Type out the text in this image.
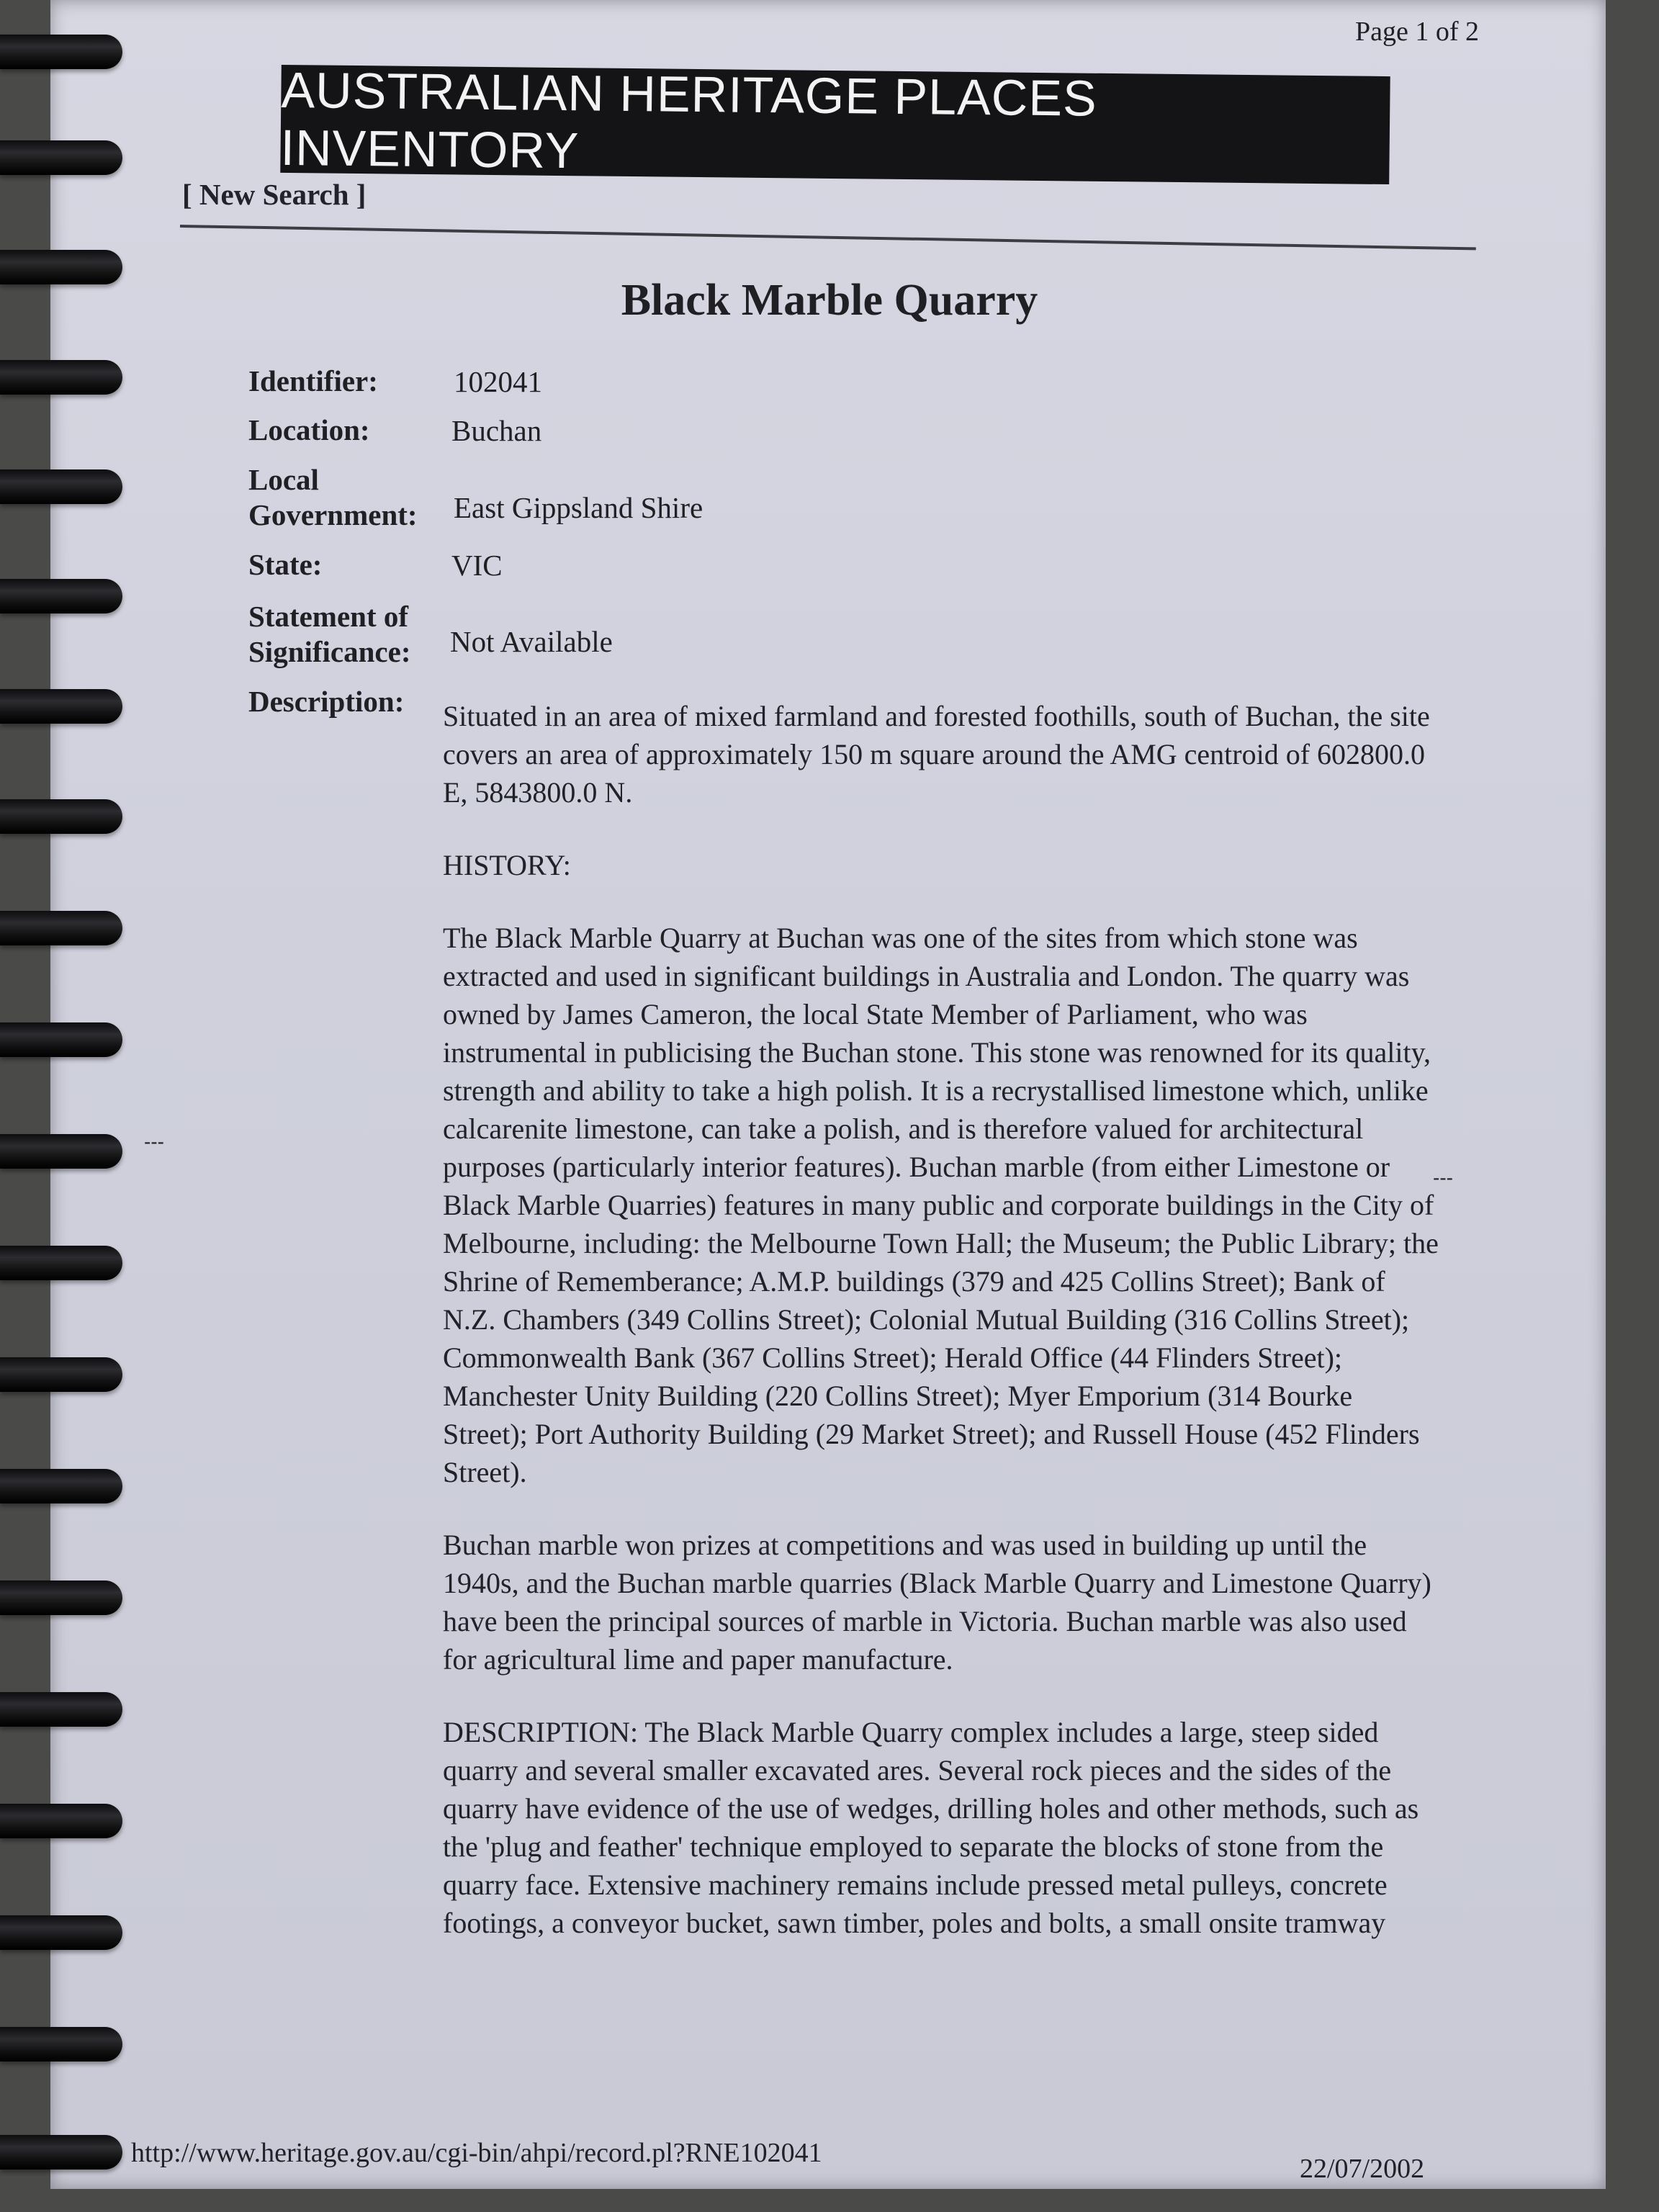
Page 1 of 2
AUSTRALIAN HERITAGE PLACES INVENTORY
[ New Search ]
Black Marble Quarry
Identifier:	102041
Location:	Buchan
Local
Government:	East Gippsland Shire
State:	VIC
Statement of
Significance:	Not Available
Description:	Situated in an area of mixed farmland and forested foothills, south of Buchan, the site covers an area of approximately 150 m square around the AMG centroid of 602800.0 E, 5843800.0 N.

HISTORY:

The Black Marble Quarry at Buchan was one of the sites from which stone was extracted and used in significant buildings in Australia and London. The quarry was owned by James Cameron, the local State Member of Parliament, who was instrumental in publicising the Buchan stone. This stone was renowned for its quality, strength and ability to take a high polish. It is a recrystallised limestone which, unlike calcarenite limestone, can take a polish, and is therefore valued for architectural purposes (particularly interior features). Buchan marble (from either Limestone or Black Marble Quarries) features in many public and corporate buildings in the City of Melbourne, including: the Melbourne Town Hall; the Museum; the Public Library; the Shrine of Rememberance; A.M.P. buildings (379 and 425 Collins Street); Bank of N.Z. Chambers (349 Collins Street); Colonial Mutual Building (316 Collins Street); Commonwealth Bank (367 Collins Street); Herald Office (44 Flinders Street); Manchester Unity Building (220 Collins Street); Myer Emporium (314 Bourke Street); Port Authority Building (29 Market Street); and Russell House (452 Flinders Street).

Buchan marble won prizes at competitions and was used in building up until the 1940s, and the Buchan marble quarries (Black Marble Quarry and Limestone Quarry) have been the principal sources of marble in Victoria. Buchan marble was also used for agricultural lime and paper manufacture.

DESCRIPTION: The Black Marble Quarry complex includes a large, steep sided quarry and several smaller excavated ares. Several rock pieces and the sides of the quarry have evidence of the use of wedges, drilling holes and other methods, such as the 'plug and feather' technique employed to separate the blocks of stone from the quarry face. Extensive machinery remains include pressed metal pulleys, concrete footings, a conveyor bucket, sawn timber, poles and bolts, a small onsite tramway

---
---
http://www.heritage.gov.au/cgi-bin/ahpi/record.pl?RNE102041
22/07/2002
